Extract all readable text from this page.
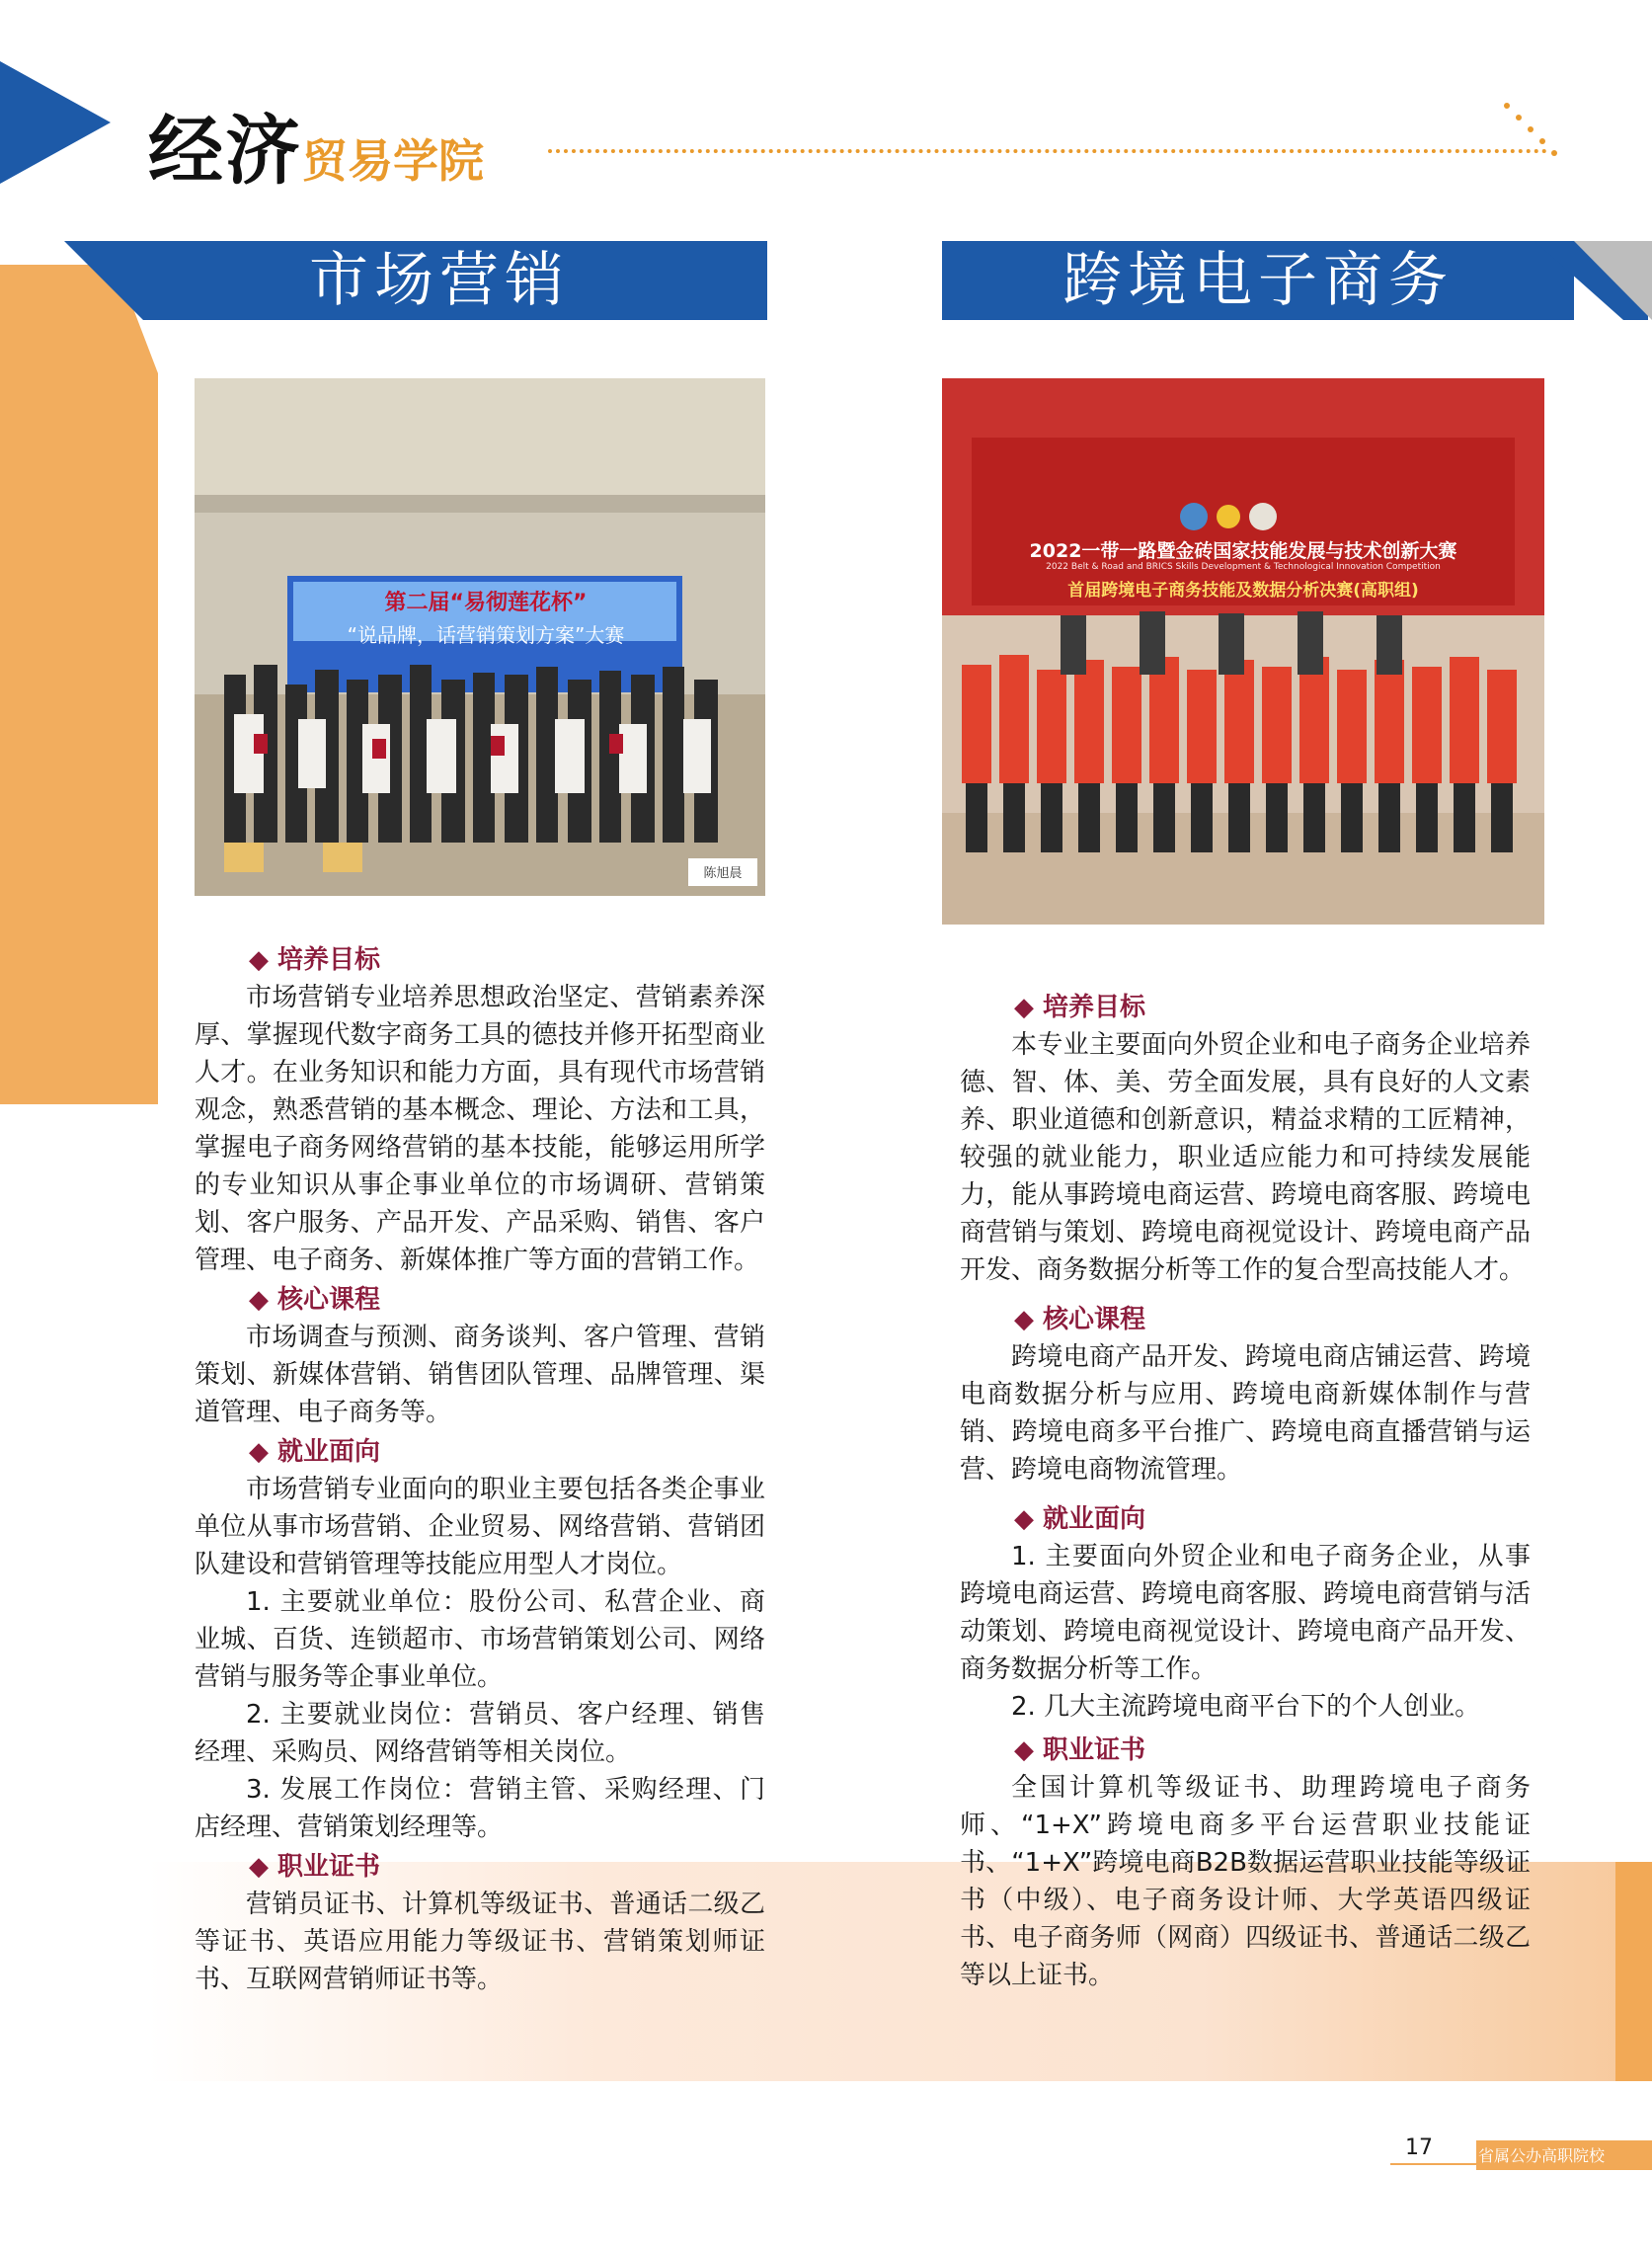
经济贸易学院
市场营销	跨境电子商务
第二届“易彻莲花杯”
“说品牌，话营销策划方案”大赛
陈旭晨
2022一带一路暨金砖国家技能发展与技术创新大赛
2022 Belt & Road and BRICS Skills Development & Technological Innovation Competition
首届跨境电子商务技能及数据分析决赛(高职组)
◆ 培养目标

市场营销专业培养思想政治坚定、营销素养深厚、掌握现代数字商务工具的德技并修开拓型商业人才。在业务知识和能力方面，具有现代市场营销观念，熟悉营销的基本概念、理论、方法和工具，掌握电子商务网络营销的基本技能，能够运用所学的专业知识从事企事业单位的市场调研、营销策划、客户服务、产品开发、产品采购、销售、客户管理、电子商务、新媒体推广等方面的营销工作。

◆ 核心课程

市场调查与预测、商务谈判、客户管理、营销策划、新媒体营销、销售团队管理、品牌管理、渠道管理、电子商务等。

◆ 就业面向

市场营销专业面向的职业主要包括各类企事业单位从事市场营销、企业贸易、网络营销、营销团队建设和营销管理等技能应用型人才岗位。

1. 主要就业单位：股份公司、私营企业、商业城、百货、连锁超市、市场营销策划公司、网络营销与服务等企事业单位。

2. 主要就业岗位：营销员、客户经理、销售经理、采购员、网络营销等相关岗位。

3. 发展工作岗位：营销主管、采购经理、门店经理、营销策划经理等。

◆ 职业证书

营销员证书、计算机等级证书、普通话二级乙等证书、英语应用能力等级证书、营销策划师证书、互联网营销师证书等。

◆ 培养目标

本专业主要面向外贸企业和电子商务企业培养德、智、体、美、劳全面发展，具有良好的人文素养、职业道德和创新意识，精益求精的工匠精神，较强的就业能力，职业适应能力和可持续发展能力，能从事跨境电商运营、跨境电商客服、跨境电商营销与策划、跨境电商视觉设计、跨境电商产品开发、商务数据分析等工作的复合型高技能人才。

◆ 核心课程

跨境电商产品开发、跨境电商店铺运营、跨境电商数据分析与应用、跨境电商新媒体制作与营销、跨境电商多平台推广、跨境电商直播营销与运营、跨境电商物流管理。

◆ 就业面向

1. 主要面向外贸企业和电子商务企业，从事跨境电商运营、跨境电商客服、跨境电商营销与活动策划、跨境电商视觉设计、跨境电商产品开发、商务数据分析等工作。

2. 几大主流跨境电商平台下的个人创业。

◆ 职业证书

全国计算机等级证书、助理跨境电子商务师、“1+X”跨境电商多平台运营职业技能证书、“1+X”跨境电商B2B数据运营职业技能等级证书（中级）、电子商务设计师、大学英语四级证书、电子商务师（网商）四级证书、普通话二级乙等以上证书。

17	省属公办高职院校
